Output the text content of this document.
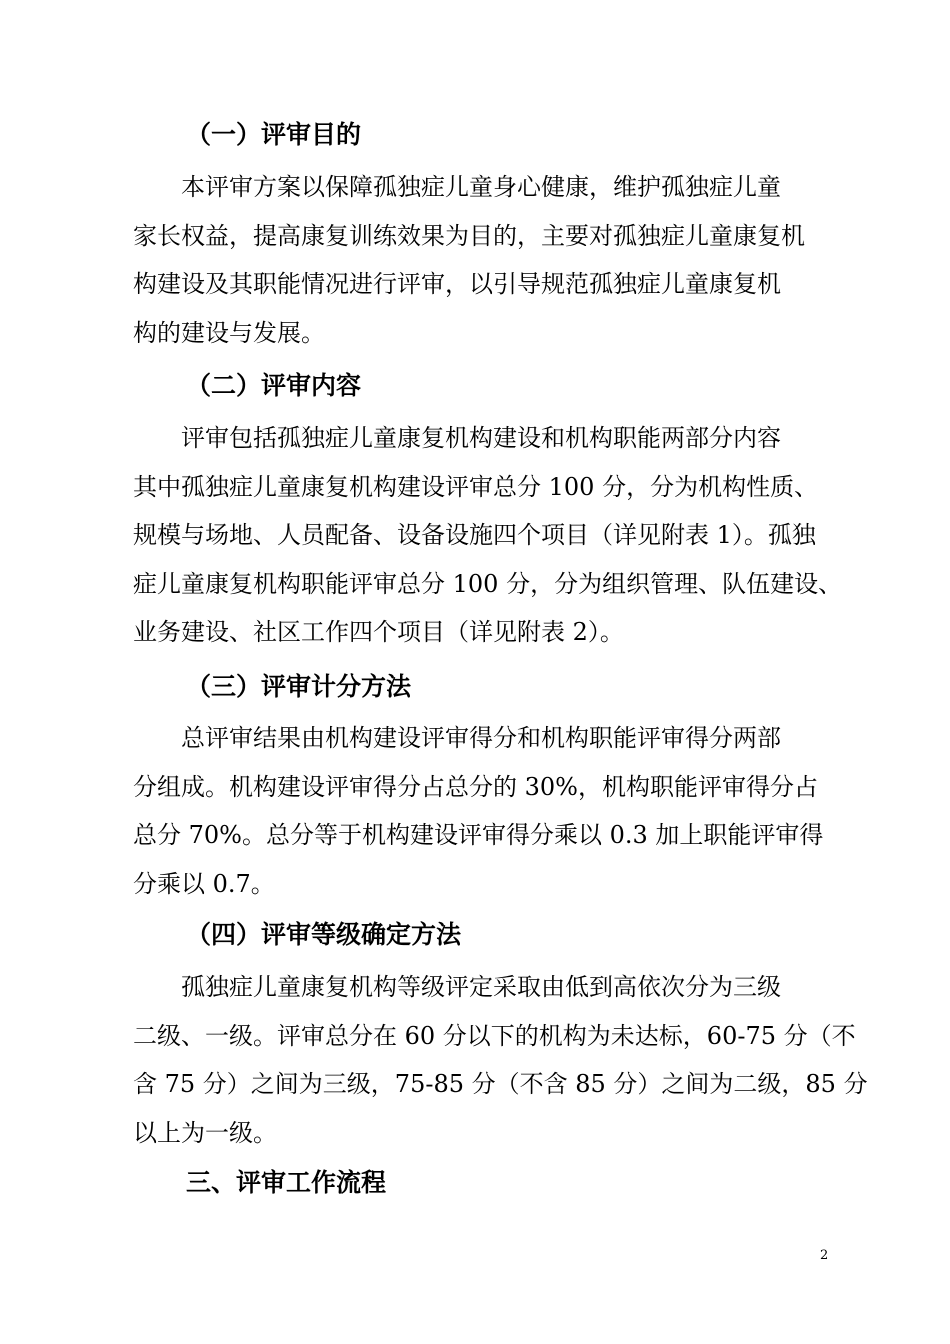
（一）评审目的
　　本评审方案以保障孤独症儿童身心健康，维护孤独症儿童
家长权益，提高康复训练效果为目的，主要对孤独症儿童康复机
构建设及其职能情况进行评审，以引导规范孤独症儿童康复机
构的建设与发展。
（二）评审内容
　　评审包括孤独症儿童康复机构建设和机构职能两部分内容
其中孤独症儿童康复机构建设评审总分 100 分，分为机构性质、
规模与场地、人员配备、设备设施四个项目（详见附表 1）。孤独
症儿童康复机构职能评审总分 100 分，分为组织管理、队伍建设、
业务建设、社区工作四个项目（详见附表 2）。
（三）评审计分方法
　　总评审结果由机构建设评审得分和机构职能评审得分两部
分组成。机构建设评审得分占总分的 30%，机构职能评审得分占
总分 70%。总分等于机构建设评审得分乘以 0.3 加上职能评审得
分乘以 0.7。
（四）评审等级确定方法
　　孤独症儿童康复机构等级评定采取由低到高依次分为三级
二级、一级。评审总分在 60 分以下的机构为未达标，60-75 分（不
含 75 分）之间为三级，75-85 分（不含 85 分）之间为二级，85 分
以上为一级。
三、评审工作流程
2
